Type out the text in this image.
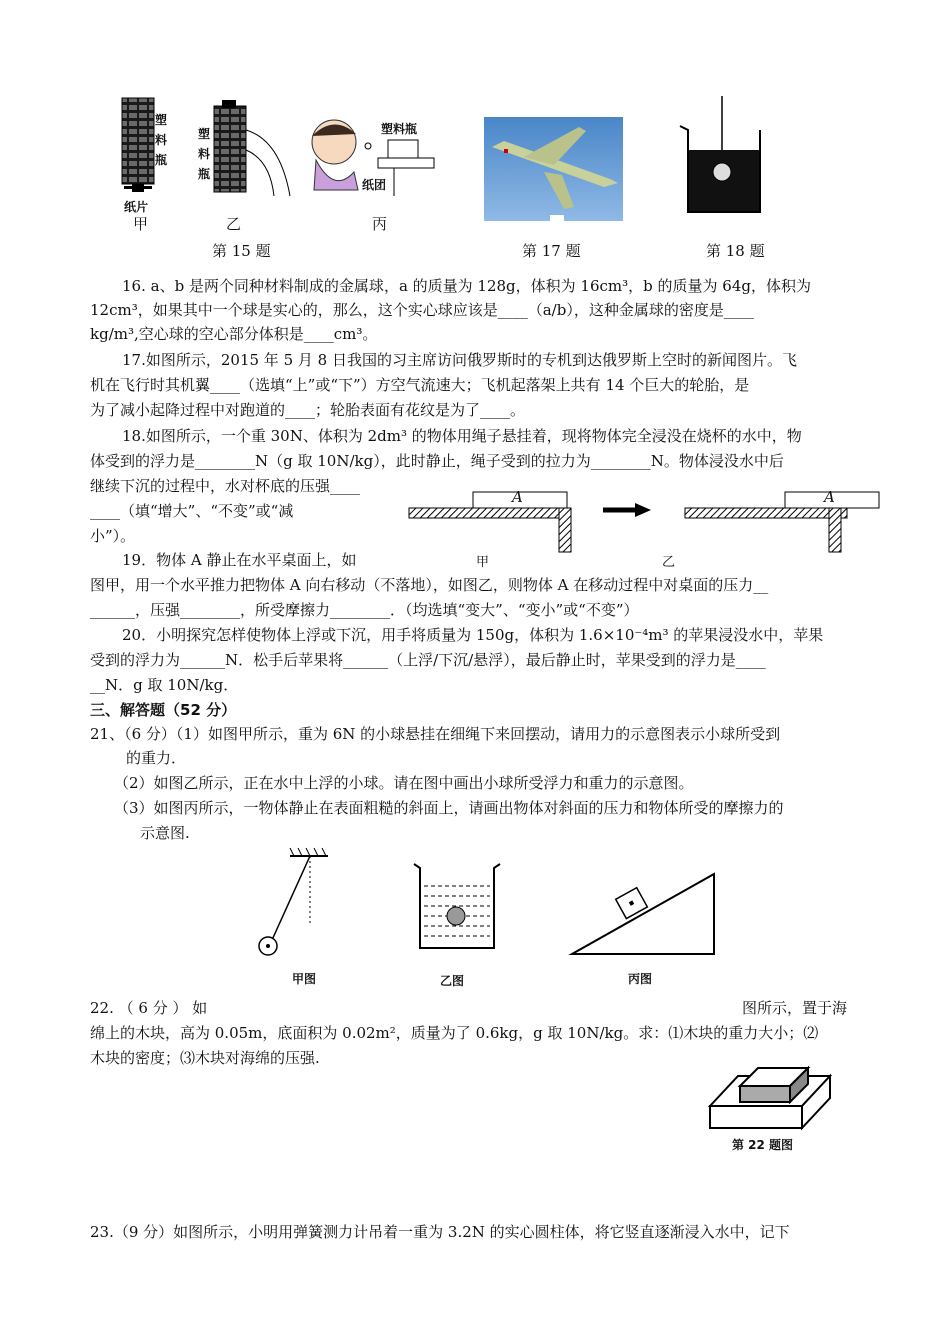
塑料瓶
纸片
甲
塑料瓶
乙
塑料瓶
纸团
丙
第 15 题	第 17 题	第 18 题
16. a、b 是两个同种材料制成的金属球，a 的质量为 128g，体积为 16cm³，b 的质量为 64g，体积为
12cm³，如果其中一个球是实心的，那么，这个实心球应该是____（a/b），这种金属球的密度是____
kg/m³,空心球的空心部分体积是____cm³。
17.如图所示，2015 年 5 月 8 日我国的习主席访问俄罗斯时的专机到达俄罗斯上空时的新闻图片。飞
机在飞行时其机翼____（选填“上”或“下”）方空气流速大；飞机起落架上共有 14 个巨大的轮胎，是
为了减小起降过程中对跑道的____；轮胎表面有花纹是为了____。
18.如图所示，一个重 30N、体积为 2dm³ 的物体用绳子悬挂着，现将物体完全浸没在烧杯的水中，物
体受到的浮力是________N（g 取 10N/kg），此时静止，绳子受到的拉力为________N。物体浸没水中后
继续下沉的过程中，水对杯底的压强____
____（填“增大”、“不变”或“减
小”）。
A	A
19．物体 A 静止在水平桌面上，如	甲	乙
图甲，用一个水平推力把物体 A 向右移动（不落地），如图乙，则物体 A 在移动过程中对桌面的压力__
______，压强________，所受摩擦力________．（均选填“变大”、“变小”或“不变”）
20．小明探究怎样使物体上浮或下沉，用手将质量为 150g，体积为 1.6×10⁻⁴m³ 的苹果浸没水中，苹果
受到的浮力为______N．松手后苹果将______（上浮/下沉/悬浮），最后静止时，苹果受到的浮力是____
__N．g 取 10N/kg．
三、解答题（52 分）
21、（6 分）（1）如图甲所示，重为 6N 的小球悬挂在细绳下来回摆动，请用力的示意图表示小球所受到
的重力．
（2）如图乙所示，正在水中上浮的小球。请在图中画出小球所受浮力和重力的示意图。
（3）如图丙所示，一物体静止在表面粗糙的斜面上，请画出物体对斜面的压力和物体所受的摩擦力的
示意图.
甲图	乙图	丙图
22. （ 6 分 ） 如	图所示，置于海
绵上的木块，高为 0.05m，底面积为 0.02m²，质量为了 0.6kg，g 取 10N/kg。求：⑴木块的重力大小；⑵
木块的密度；⑶木块对海绵的压强.
第 22 题图
23.（9 分）如图所示，小明用弹簧测力计吊着一重为 3.2N 的实心圆柱体，将它竖直逐渐浸入水中，记下
